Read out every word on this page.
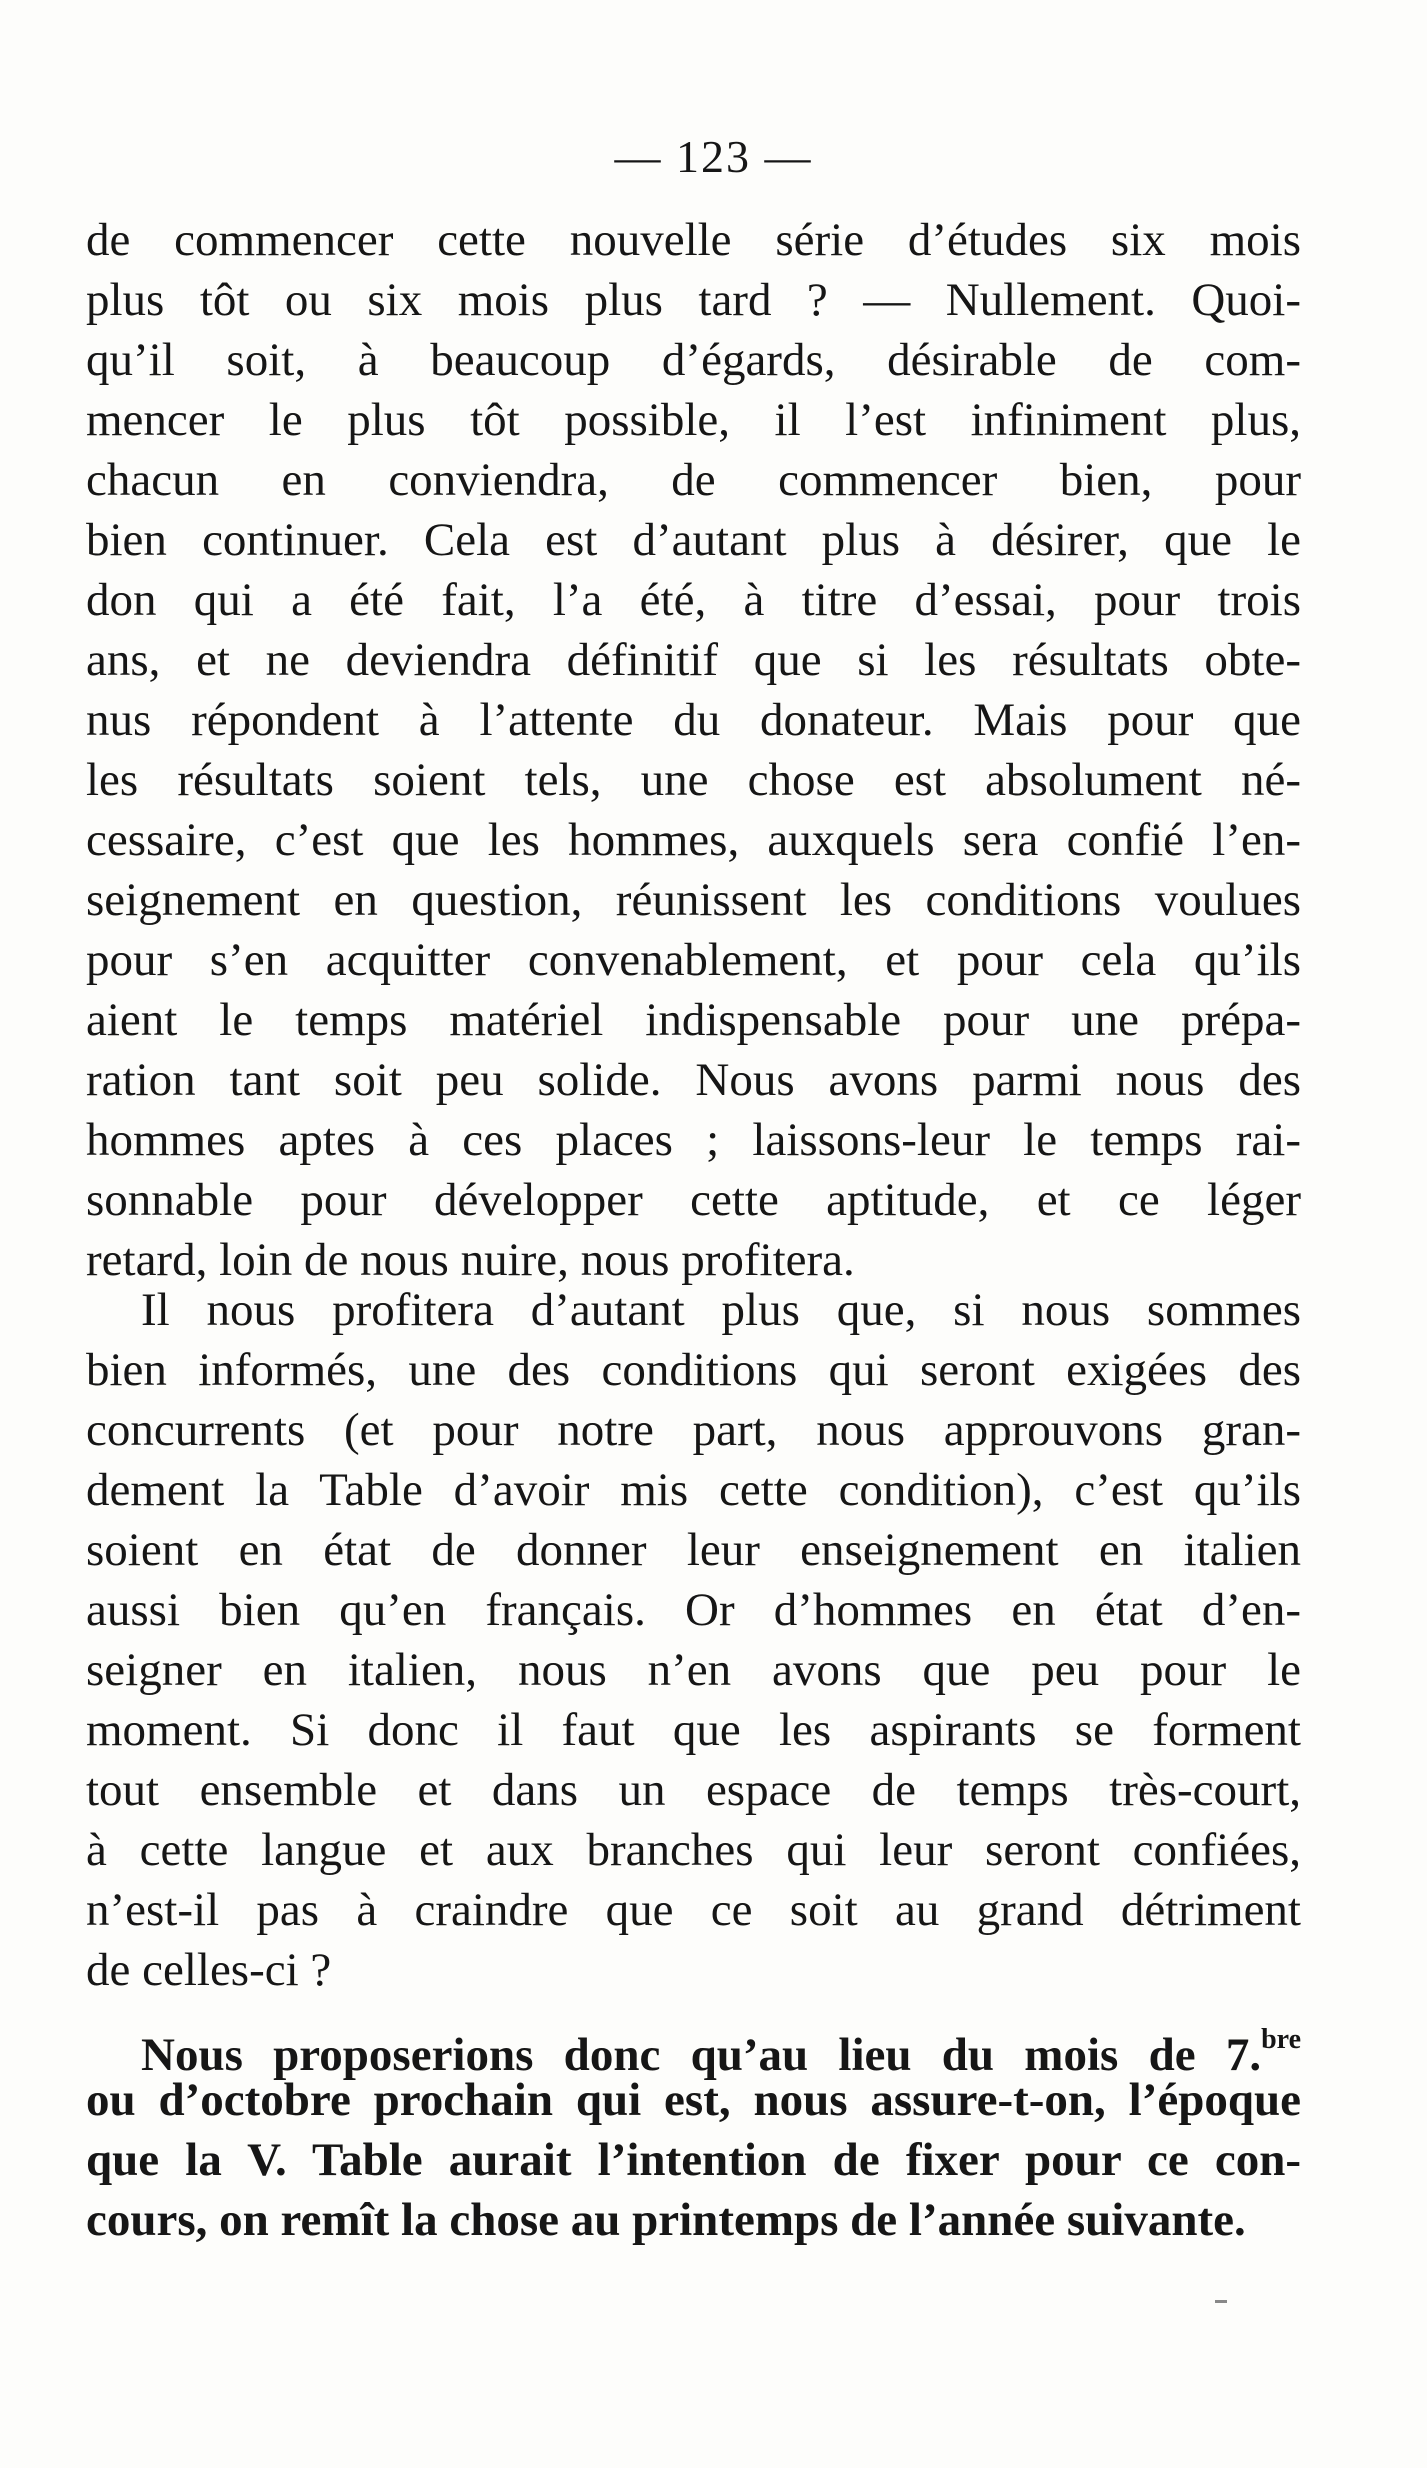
— 123 —
de commencer cette nouvelle série d’études six mois
plus tôt ou six mois plus tard ? — Nullement. Quoi-
qu’il soit, à beaucoup d’égards, désirable de com-
mencer le plus tôt possible, il l’est infiniment plus,
chacun en conviendra, de commencer bien, pour
bien continuer. Cela est d’autant plus à désirer, que le
don qui a été fait, l’a été, à titre d’essai, pour trois
ans, et ne deviendra définitif que si les résultats obte-
nus répondent à l’attente du donateur. Mais pour que
les résultats soient tels, une chose est absolument né-
cessaire, c’est que les hommes, auxquels sera confié l’en-
seignement en question, réunissent les conditions voulues
pour s’en acquitter convenablement, et pour cela qu’ils
aient le temps matériel indispensable pour une prépa-
ration tant soit peu solide. Nous avons parmi nous des
hommes aptes à ces places ; laissons-leur le temps rai-
sonnable pour développer cette aptitude, et ce léger
retard, loin de nous nuire, nous profitera.
Il nous profitera d’autant plus que, si nous sommes
bien informés, une des conditions qui seront exigées des
concurrents (et pour notre part, nous approuvons gran-
dement la Table d’avoir mis cette condition), c’est qu’ils
soient en état de donner leur enseignement en italien
aussi bien qu’en français. Or d’hommes en état d’en-
seigner en italien, nous n’en avons que peu pour le
moment. Si donc il faut que les aspirants se forment
tout ensemble et dans un espace de temps très-court,
à cette langue et aux branches qui leur seront confiées,
n’est-il pas à craindre que ce soit au grand détriment
de celles-ci ?
Nous proposerions donc qu’au lieu du mois de 7.$^{bre}$
ou d’octobre prochain qui est, nous assure-t-on, l’époque
que la V. Table aurait l’intention de fixer pour ce con-
cours, on remît la chose au printemps de l’année suivante.
